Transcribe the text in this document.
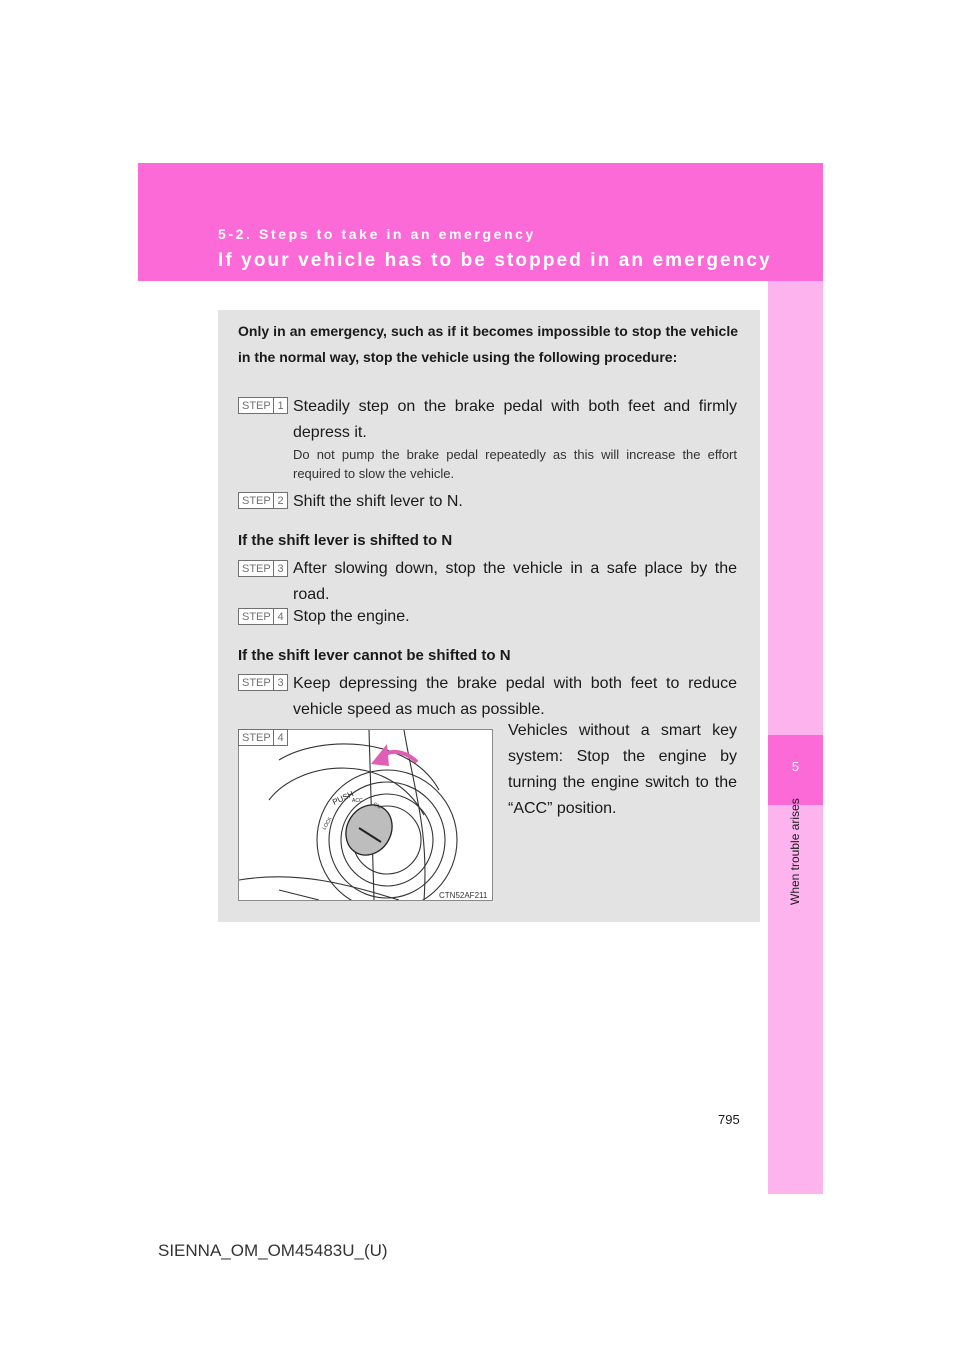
5
5-2. Steps to take in an emergency
If your vehicle has to be stopped in an emergency
Only in an emergency, such as if it becomes impossible to stop the vehicle in the normal way, stop the vehicle using the following procedure:
STEP 1 Steadily step on the brake pedal with both feet and firmly depress it.
Do not pump the brake pedal repeatedly as this will increase the effort required to slow the vehicle.
STEP 2 Shift the shift lever to N.
If the shift lever is shifted to N
STEP 3 After slowing down, stop the vehicle in a safe place by the road.
STEP 4 Stop the engine.
If the shift lever cannot be shifted to N
STEP 3 Keep depressing the brake pedal with both feet to reduce vehicle speed as much as possible.
PUSH
LOCK
ACC
ON
STEP 4
CTN52AF211
Vehicles without a smart key system: Stop the engine by turning the engine switch to the “ACC” position.
795
SIENNA_OM_OM45483U_(U)
